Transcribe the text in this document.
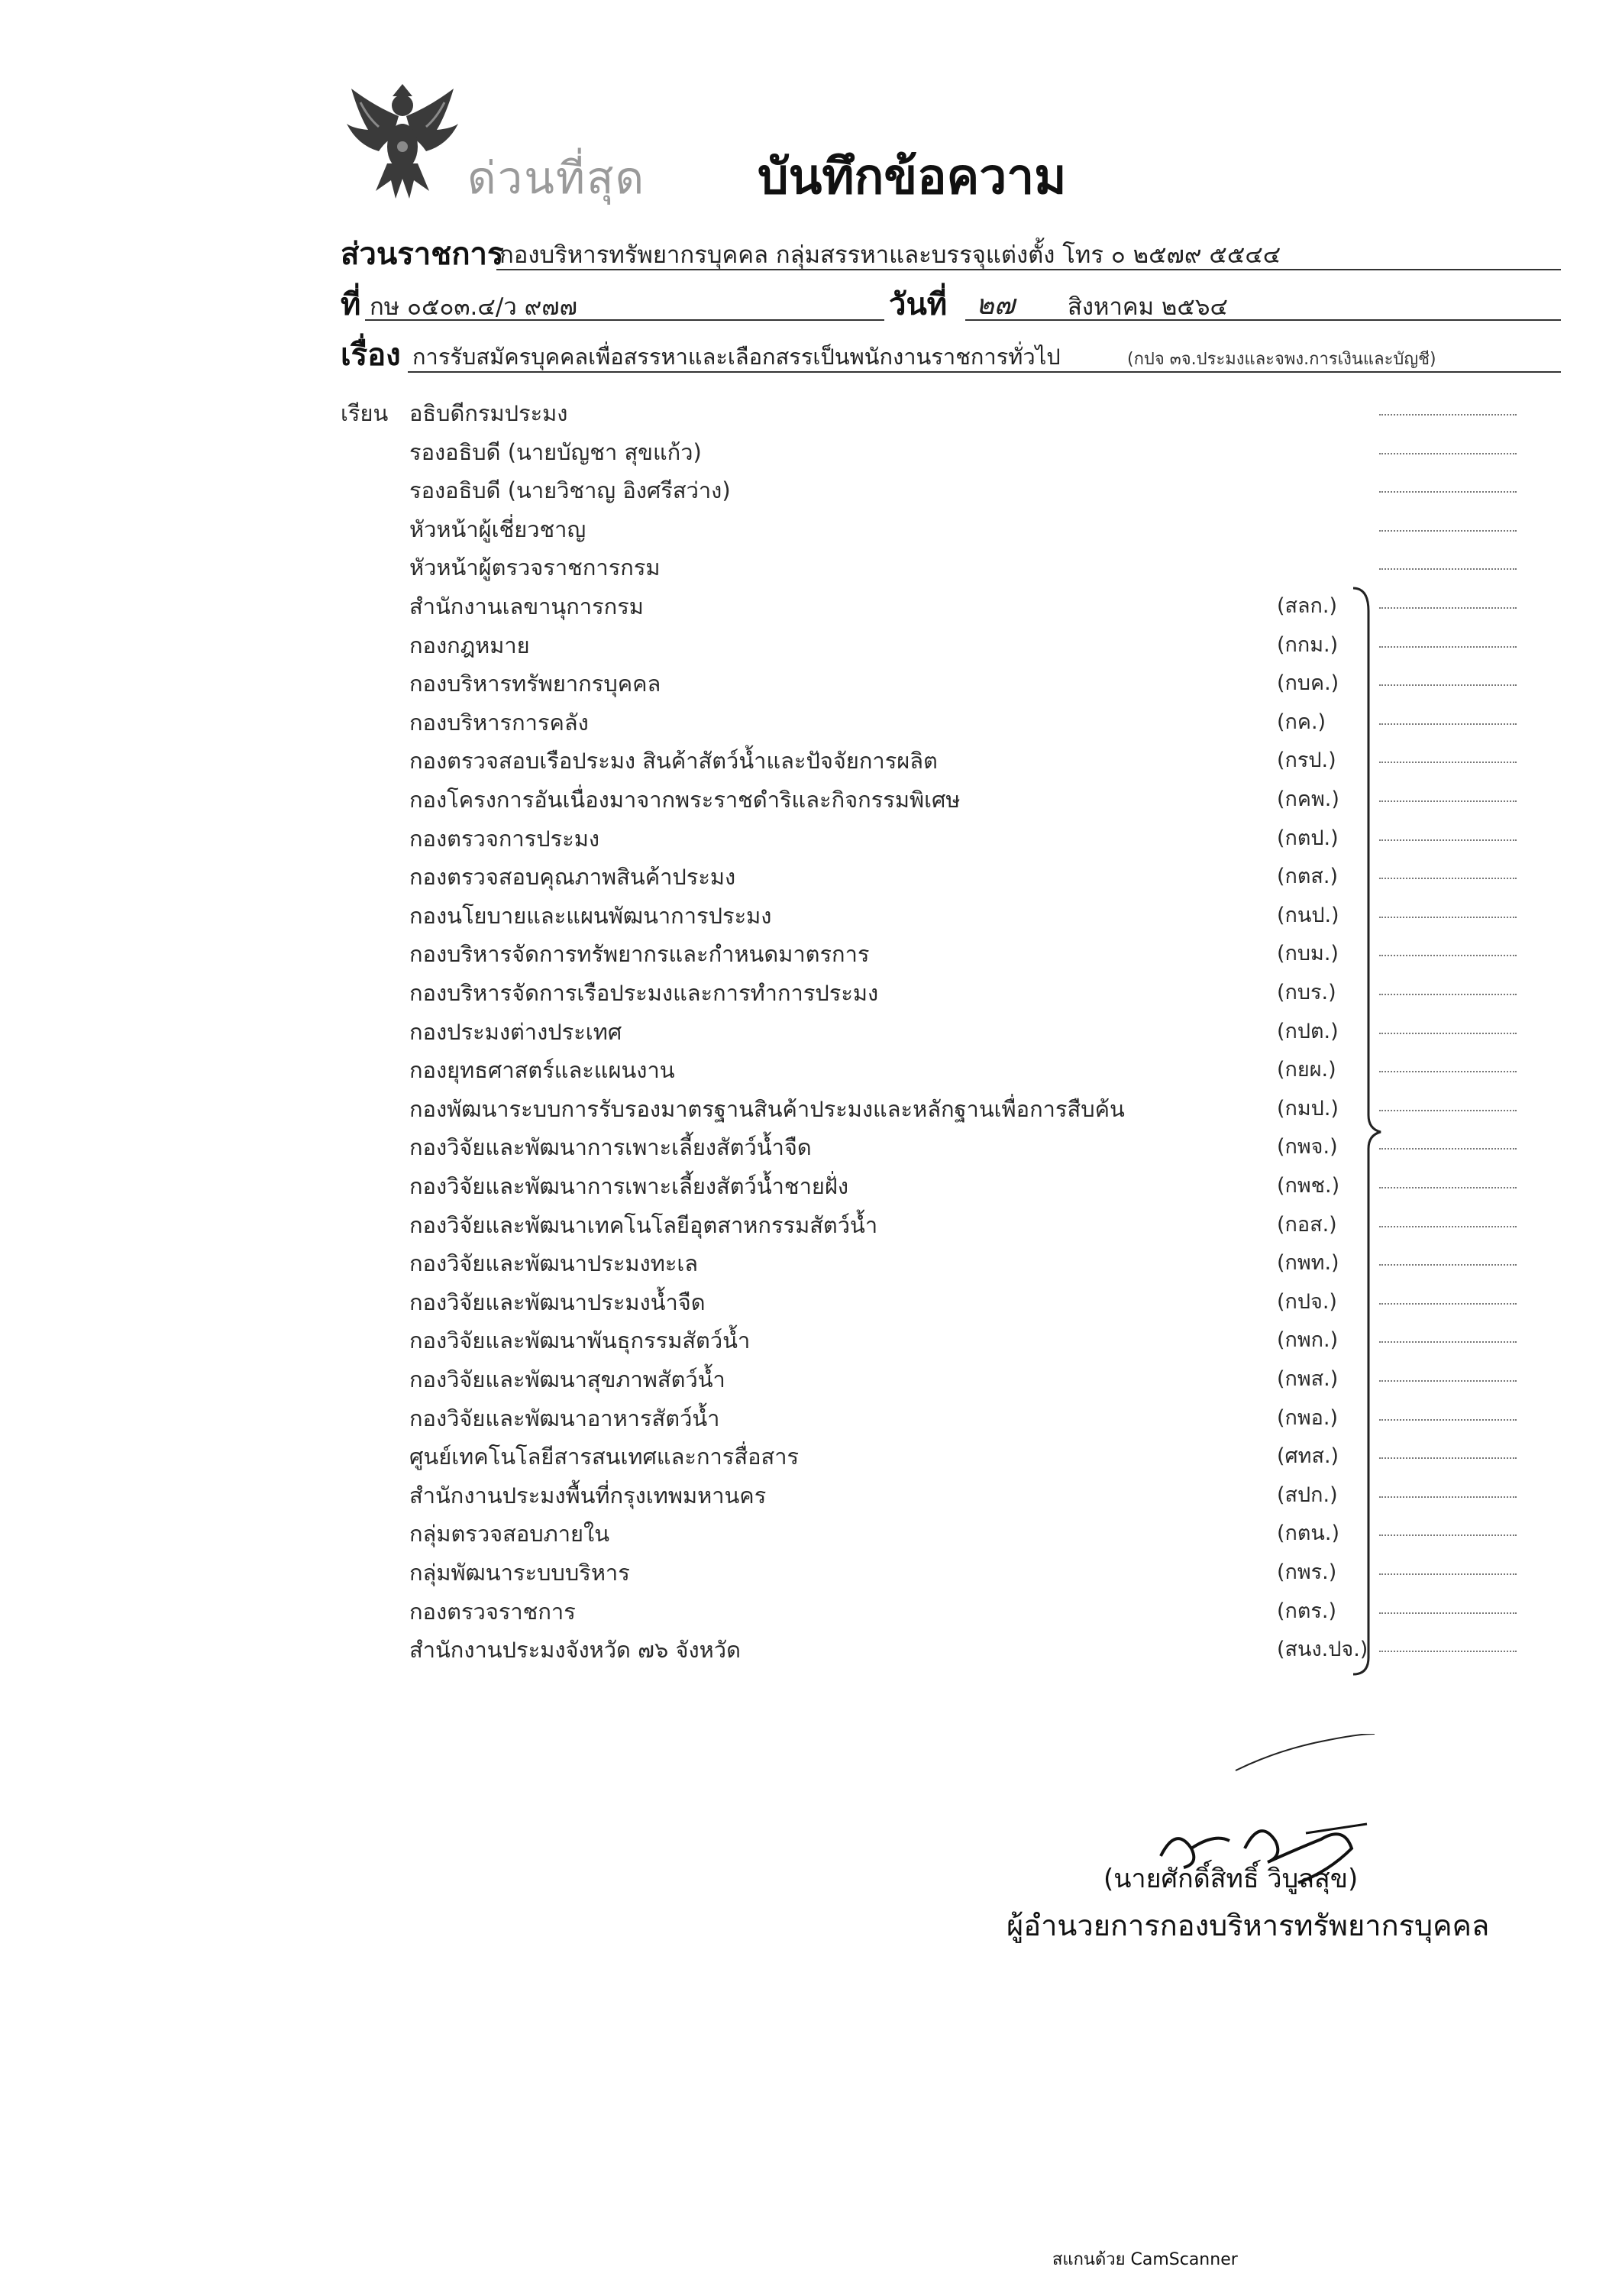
ด่วนที่สุด บันทึกข้อความ
ส่วนราชการ
กองบริหารทรัพยากรบุคคล กลุ่มสรรหาและบรรจุแต่งตั้ง โทร ๐ ๒๕๗๙ ๕๕๔๔
ที่ กษ ๐๕๐๓.๔/ว ๙๗๗	วันที่ ๒๗ สิงหาคม ๒๕๖๔
เรื่อง การรับสมัครบุคคลเพื่อสรรหาและเลือกสรรเป็นพนักงานราชการทั่วไป	(กปจ ๓จ.ประมงและจพง.การเงินและบัญชี)
เรียน อธิบดีกรมประมง
รองอธิบดี (นายบัญชา สุขแก้ว)
รองอธิบดี (นายวิชาญ อิงศรีสว่าง)
หัวหน้าผู้เชี่ยวชาญ
หัวหน้าผู้ตรวจราชการกรม
สำนักงานเลขานุการกรม	(สลก.)
กองกฎหมาย	(กกม.)
กองบริหารทรัพยากรบุคคล	(กบค.)
กองบริหารการคลัง	(กค.)
กองตรวจสอบเรือประมง สินค้าสัตว์น้ำและปัจจัยการผลิต	(กรป.)
กองโครงการอันเนื่องมาจากพระราชดำริและกิจกรรมพิเศษ	(กคพ.)
กองตรวจการประมง	(กตป.)
กองตรวจสอบคุณภาพสินค้าประมง	(กตส.)
กองนโยบายและแผนพัฒนาการประมง	(กนป.)
กองบริหารจัดการทรัพยากรและกำหนดมาตรการ	(กบม.)
กองบริหารจัดการเรือประมงและการทำการประมง	(กบร.)
กองประมงต่างประเทศ	(กปต.)
กองยุทธศาสตร์และแผนงาน	(กยผ.)
กองพัฒนาระบบการรับรองมาตรฐานสินค้าประมงและหลักฐานเพื่อการสืบค้น	(กมป.)
กองวิจัยและพัฒนาการเพาะเลี้ยงสัตว์น้ำจืด	(กพจ.)
กองวิจัยและพัฒนาการเพาะเลี้ยงสัตว์น้ำชายฝั่ง	(กพช.)
กองวิจัยและพัฒนาเทคโนโลยีอุตสาหกรรมสัตว์น้ำ	(กอส.)
กองวิจัยและพัฒนาประมงทะเล	(กพท.)
กองวิจัยและพัฒนาประมงน้ำจืด	(กปจ.)
กองวิจัยและพัฒนาพันธุกรรมสัตว์น้ำ	(กพก.)
กองวิจัยและพัฒนาสุขภาพสัตว์น้ำ	(กพส.)
กองวิจัยและพัฒนาอาหารสัตว์น้ำ	(กพอ.)
ศูนย์เทคโนโลยีสารสนเทศและการสื่อสาร	(ศทส.)
สำนักงานประมงพื้นที่กรุงเทพมหานคร	(สปก.)
กลุ่มตรวจสอบภายใน	(กตน.)
กลุ่มพัฒนาระบบบริหาร	(กพร.)
กองตรวจราชการ	(กตร.)
สำนักงานประมงจังหวัด ๗๖ จังหวัด	(สนง.ปจ.)
(นายศักดิ์สิทธิ์ วิบูลสุข)
ผู้อำนวยการกองบริหารทรัพยากรบุคคล
สแกนด้วย CamScanner
